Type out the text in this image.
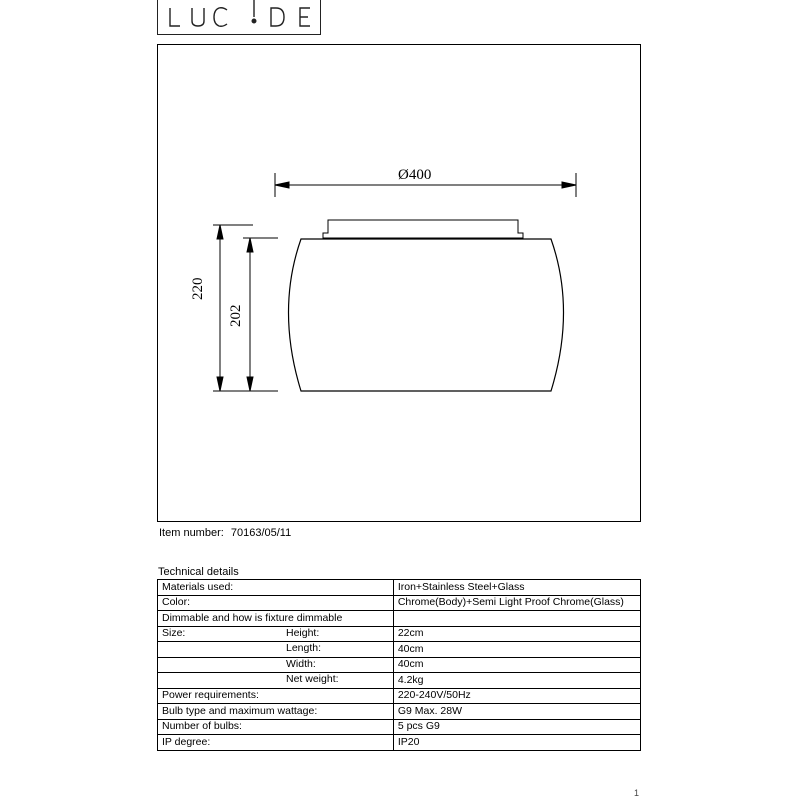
Ø400
220
202
Item number: 70163/05/11
Technical details
Materials used:	Iron+Stainless Steel+Glass
Color:	Chrome(Body)+Semi Light Proof Chrome(Glass)
Dimmable and how is fixture dimmable	
Size: Height:	22cm

Length:	40cm

Width:	40cm

Net weight:	4.2kg
Power requirements:	220-240V/50Hz
Bulb type and maximum wattage:	G9 Max. 28W
Number of bulbs:	5 pcs G9
IP degree:	IP20
1
